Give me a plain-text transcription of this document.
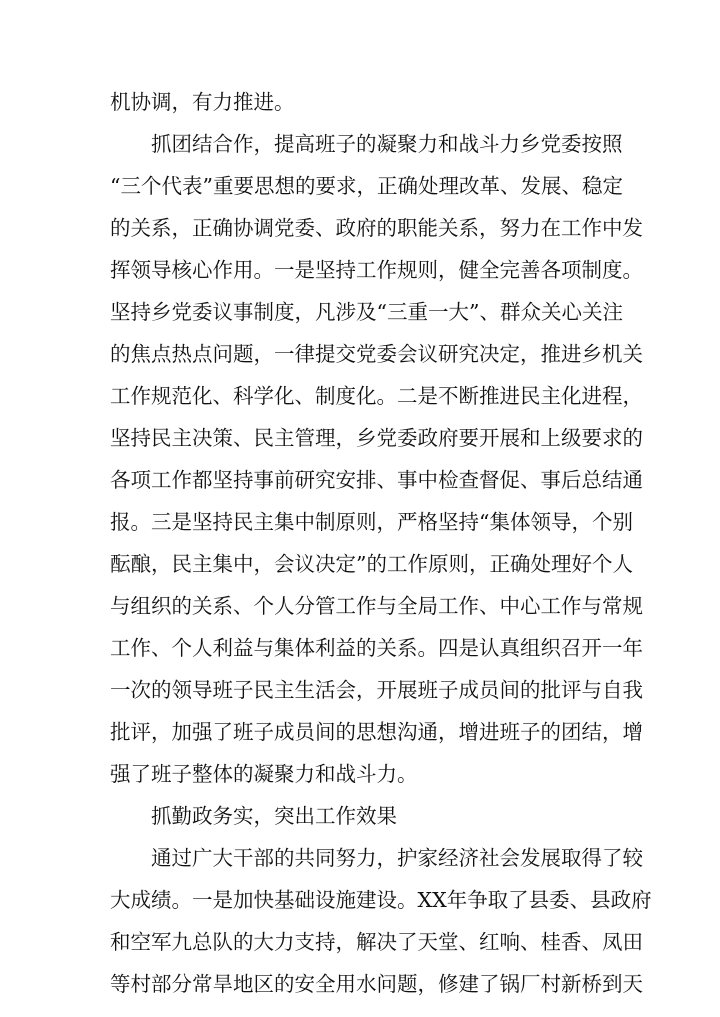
机协调，有力推进。
抓团结合作，提高班子的凝聚力和战斗力乡党委按照
“三个代表”重要思想的要求，正确处理改革、发展、稳定
的关系，正确协调党委、政府的职能关系，努力在工作中发
挥领导核心作用。一是坚持工作规则，健全完善各项制度。
坚持乡党委议事制度，凡涉及“三重一大”、群众关心关注
的焦点热点问题，一律提交党委会议研究决定，推进乡机关
工作规范化、科学化、制度化。二是不断推进民主化进程，
坚持民主决策、民主管理，乡党委政府要开展和上级要求的
各项工作都坚持事前研究安排、事中检查督促、事后总结通
报。三是坚持民主集中制原则，严格坚持“集体领导，个别
酝酿，民主集中，会议决定”的工作原则，正确处理好个人
与组织的关系、个人分管工作与全局工作、中心工作与常规
工作、个人利益与集体利益的关系。四是认真组织召开一年
一次的领导班子民主生活会，开展班子成员间的批评与自我
批评，加强了班子成员间的思想沟通，增进班子的团结，增
强了班子整体的凝聚力和战斗力。
抓勤政务实，突出工作效果
通过广大干部的共同努力，护家经济社会发展取得了较
大成绩。一是加快基础设施建设。XX年争取了县委、县政府
和空军九总队的大力支持，解决了天堂、红响、桂香、凤田
等村部分常旱地区的安全用水问题，修建了锅厂村新桥到天
